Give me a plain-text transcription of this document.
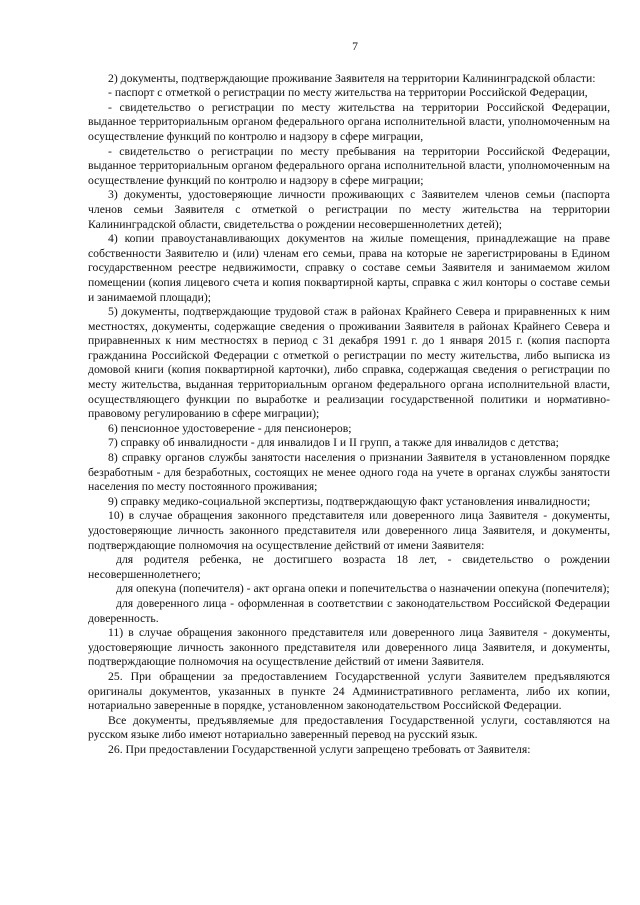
7

2) документы, подтверждающие проживание Заявителя на территории Калининградской области:

- паспорт с отметкой о регистрации по месту жительства на территории Российской Федерации,

- свидетельство о регистрации по месту жительства на территории Российской Федерации, выданное территориальным органом федерального органа исполнительной власти, уполномоченным на осуществление функций по контролю и надзору в сфере миграции,

- свидетельство о регистрации по месту пребывания на территории Российской Федерации, выданное территориальным органом федерального органа исполнительной власти, уполномоченным на осуществление функций по контролю и надзору в сфере миграции;

3) документы, удостоверяющие личности проживающих с Заявителем членов семьи (паспорта членов семьи Заявителя с отметкой о регистрации по месту жительства на территории Калининградской области, свидетельства о рождении несовершеннолетних детей);

4) копии правоустанавливающих документов на жилые помещения, принадлежащие на праве собственности Заявителю и (или) членам его семьи, права на которые не зарегистрированы в Едином государственном реестре недвижимости, справку о составе семьи Заявителя и занимаемом жилом помещении (копия лицевого счета и копия поквартирной карты, справка с жил конторы о составе семьи и занимаемой площади);

5) документы, подтверждающие трудовой стаж в районах Крайнего Севера и приравненных к ним местностях, документы, содержащие сведения о проживании Заявителя в районах Крайнего Севера и приравненных к ним местностях в период с 31 декабря 1991 г. до 1 января 2015 г. (копия паспорта гражданина Российской Федерации с отметкой о регистрации по месту жительства, либо выписка из домовой книги (копия поквартирной карточки), либо справка, содержащая сведения о регистрации по месту жительства, выданная территориальным органом федерального органа исполнительной власти, осуществляющего функции по выработке и реализации государственной политики и нормативно-правовому регулированию в сфере миграции);

6) пенсионное удостоверение - для пенсионеров;

7) справку об инвалидности - для инвалидов I и II групп, а также для инвалидов с детства;

8) справку органов службы занятости населения о признании Заявителя в установленном порядке безработным - для безработных, состоящих не менее одного года на учете в органах службы занятости населения по месту постоянного проживания;

9) справку медико-социальной экспертизы, подтверждающую факт установления инвалидности;

10) в случае обращения законного представителя или доверенного лица Заявителя - документы, удостоверяющие личность законного представителя или доверенного лица Заявителя, и документы, подтверждающие полномочия на осуществление действий от имени Заявителя:

для родителя ребенка, не достигшего возраста 18 лет, - свидетельство о рождении несовершеннолетнего;

для опекуна (попечителя) - акт органа опеки и попечительства о назначении опекуна (попечителя);

для доверенного лица - оформленная в соответствии с законодательством Российской Федерации доверенность.

11) в случае обращения законного представителя или доверенного лица Заявителя - документы, удостоверяющие личность законного представителя или доверенного лица Заявителя, и документы, подтверждающие полномочия на осуществление действий от имени Заявителя.

25. При обращении за предоставлением Государственной услуги Заявителем предъявляются оригиналы документов, указанных в пункте 24 Административного регламента, либо их копии, нотариально заверенные в порядке, установленном законодательством Российской Федерации.

Все документы, предъявляемые для предоставления Государственной услуги, составляются на русском языке либо имеют нотариально заверенный перевод на русский язык.

26. При предоставлении Государственной услуги запрещено требовать от Заявителя:
